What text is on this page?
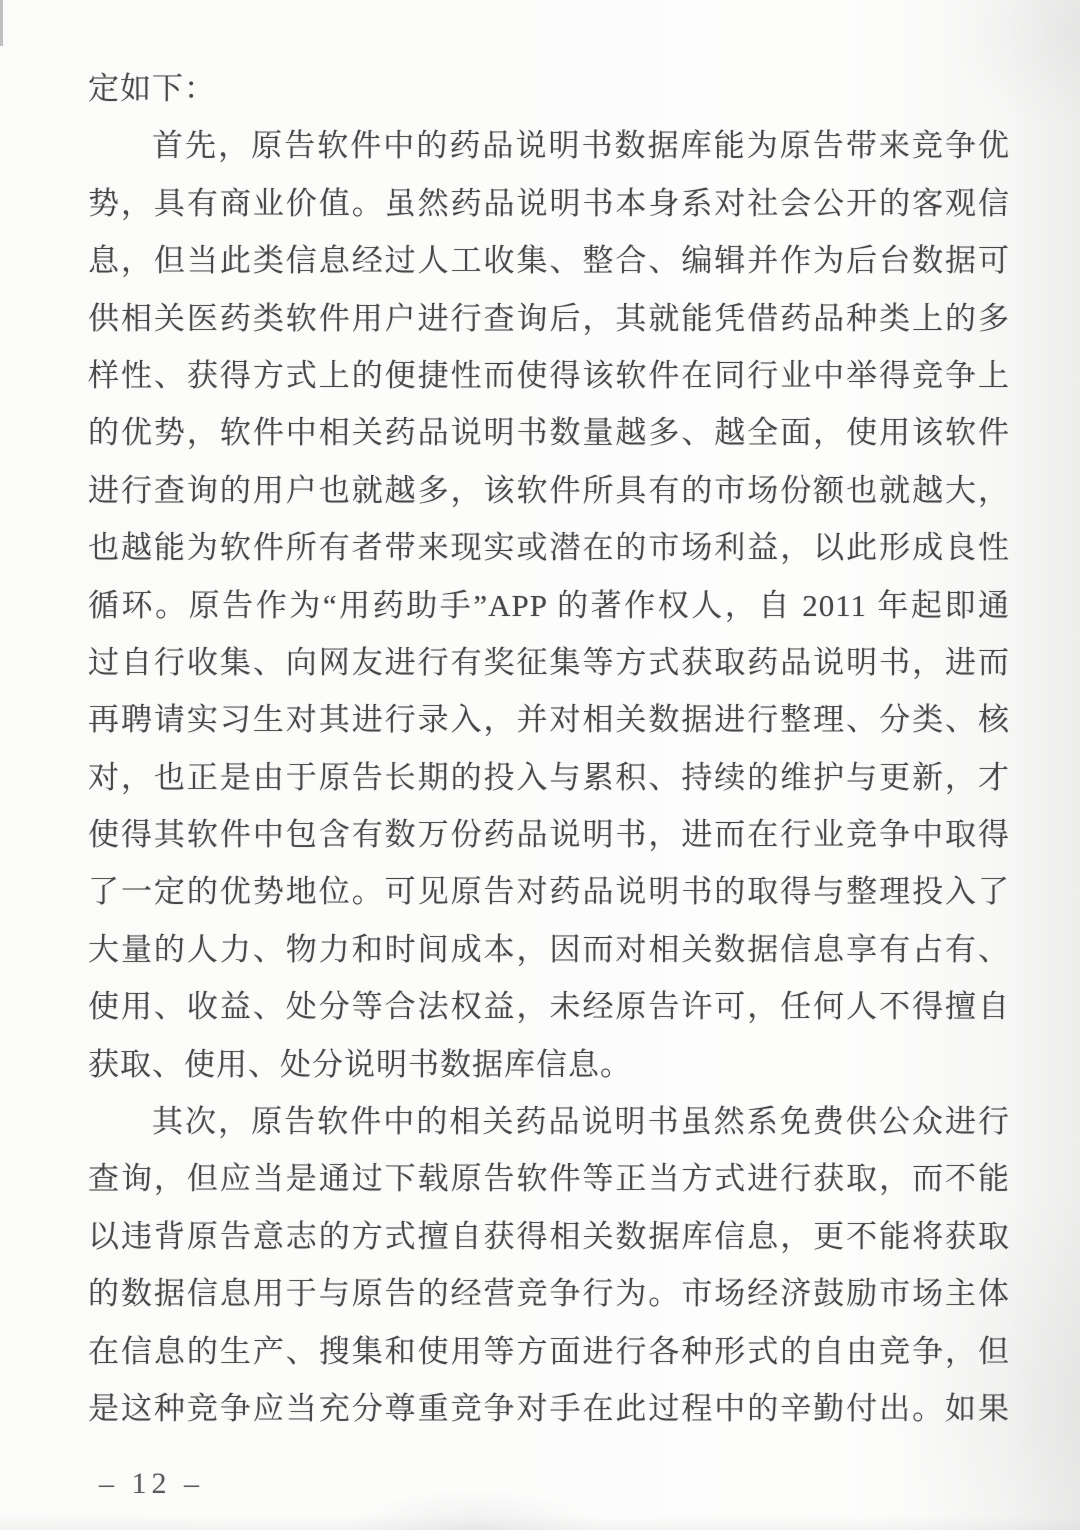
定如下：
首先，原告软件中的药品说明书数据库能为原告带来竞争优
势，具有商业价值。虽然药品说明书本身系对社会公开的客观信
息，但当此类信息经过人工收集、整合、编辑并作为后台数据可
供相关医药类软件用户进行查询后，其就能凭借药品种类上的多
样性、获得方式上的便捷性而使得该软件在同行业中举得竞争上
的优势，软件中相关药品说明书数量越多、越全面，使用该软件
进行查询的用户也就越多，该软件所具有的市场份额也就越大，
也越能为软件所有者带来现实或潜在的市场利益，以此形成良性
循环。原告作为“用药助手”APP 的著作权人，自 2011 年起即通
过自行收集、向网友进行有奖征集等方式获取药品说明书，进而
再聘请实习生对其进行录入，并对相关数据进行整理、分类、核
对，也正是由于原告长期的投入与累积、持续的维护与更新，才
使得其软件中包含有数万份药品说明书，进而在行业竞争中取得
了一定的优势地位。可见原告对药品说明书的取得与整理投入了
大量的人力、物力和时间成本，因而对相关数据信息享有占有、
使用、收益、处分等合法权益，未经原告许可，任何人不得擅自
获取、使用、处分说明书数据库信息。
其次，原告软件中的相关药品说明书虽然系免费供公众进行
查询，但应当是通过下载原告软件等正当方式进行获取，而不能
以违背原告意志的方式擅自获得相关数据库信息，更不能将获取
的数据信息用于与原告的经营竞争行为。市场经济鼓励市场主体
在信息的生产、搜集和使用等方面进行各种形式的自由竞争，但
是这种竞争应当充分尊重竞争对手在此过程中的辛勤付出。如果
– 12 –
